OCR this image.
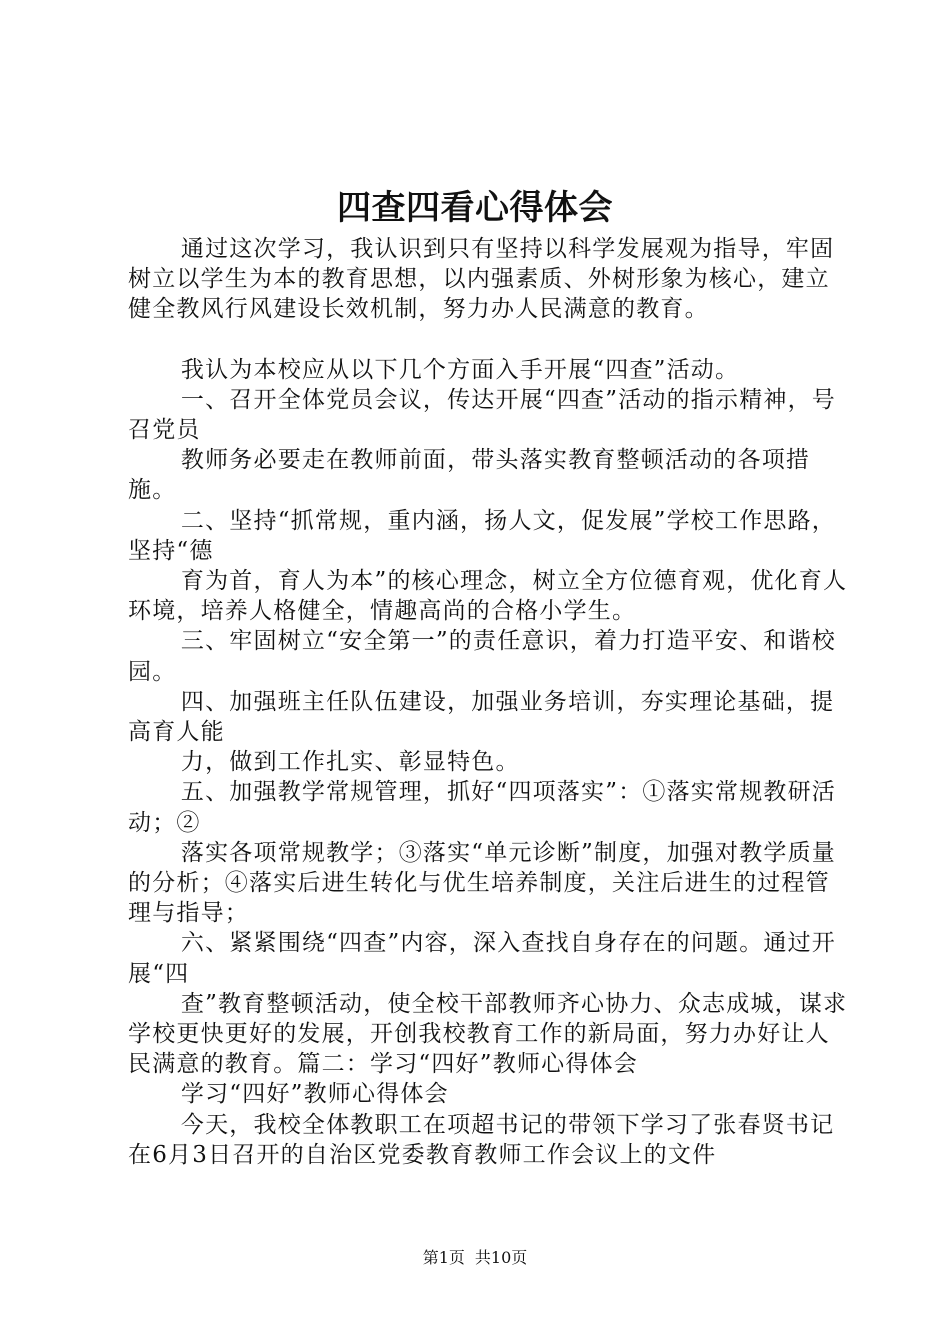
四查四看心得体会

通过这次学习，我认识到只有坚持以科学发展观为指导，牢固树立以学生为本的教育思想，以内强素质、外树形象为核心，建立健全教风行风建设长效机制，努力办人民满意的教育。

我认为本校应从以下几个方面入手开展“四查”活动。

一、召开全体党员会议，传达开展“四查”活动的指示精神，号召党员

教师务必要走在教师前面，带头落实教育整顿活动的各项措施。

二、坚持“抓常规，重内涵，扬人文，促发展”学校工作思路，坚持“德

育为首，育人为本”的核心理念，树立全方位德育观，优化育人环境，培养人格健全，情趣高尚的合格小学生。

三、牢固树立“安全第一”的责任意识，着力打造平安、和谐校园。

四、加强班主任队伍建设，加强业务培训，夯实理论基础，提高育人能

力，做到工作扎实、彰显特色。

五、加强教学常规管理，抓好“四项落实”：①落实常规教研活动；②

落实各项常规教学；③落实“单元诊断”制度，加强对教学质量的分析；④落实后进生转化与优生培养制度，关注后进生的过程管理与指导；

六、紧紧围绕“四查”内容，深入查找自身存在的问题。通过开展“四

查”教育整顿活动，使全校干部教师齐心协力、众志成城，谋求学校更快更好的发展，开创我校教育工作的新局面，努力办好让人民满意的教育。篇二：学习“四好”教师心得体会

学习“四好”教师心得体会

今天，我校全体教职工在项超书记的带领下学习了张春贤书记在6月3日召开的自治区党委教育教师工作会议上的文件

第1页 共10页
